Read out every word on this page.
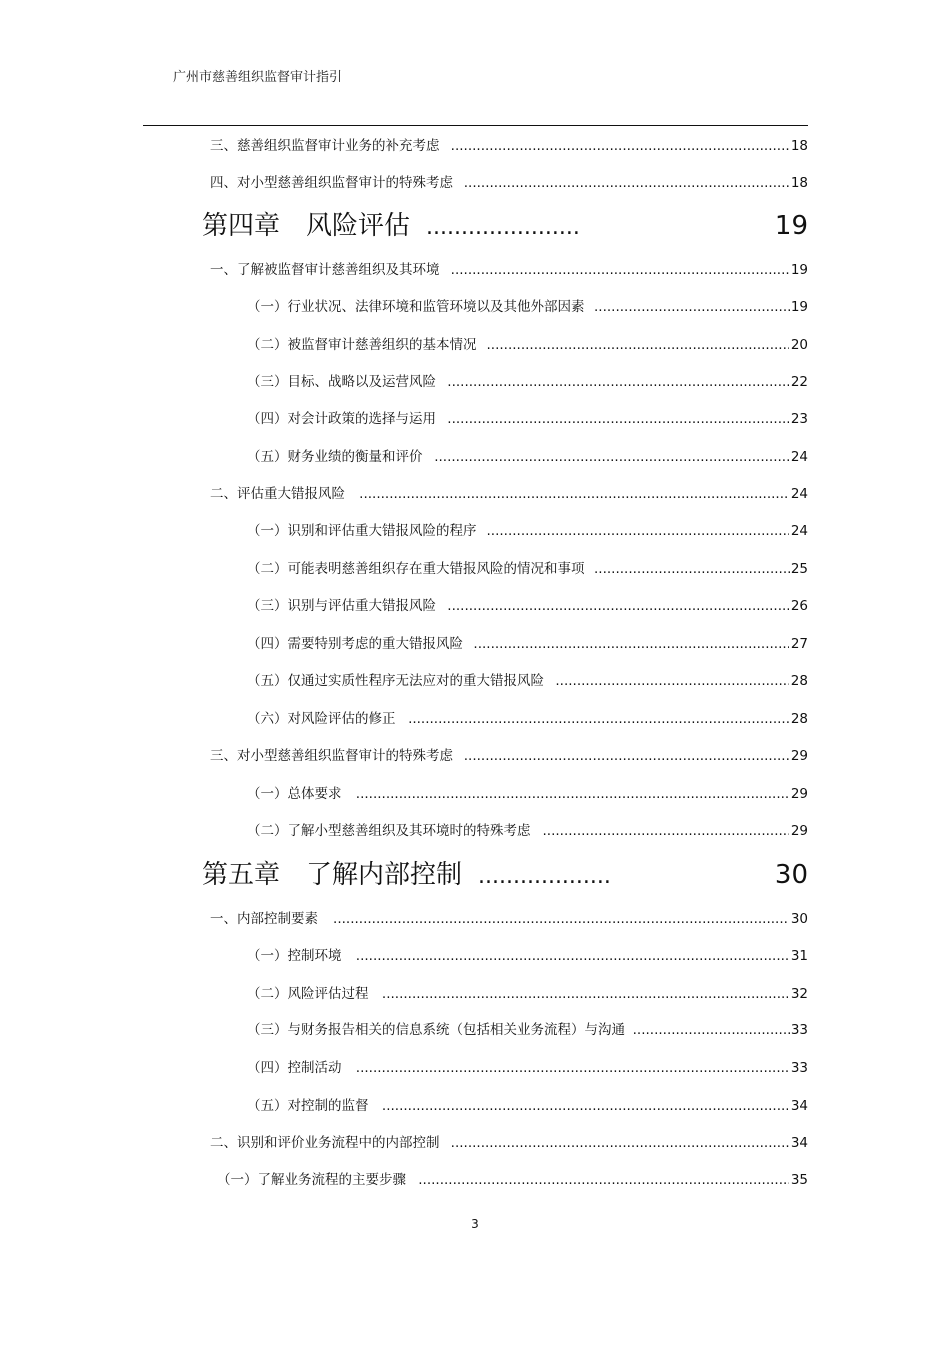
广州市慈善组织监督审计指引
三、慈善组织监督审计业务的补充考虑 .....	18
四、对小型慈善组织监督审计的特殊考虑 .....	18
第四章　风险评估 ......................	19
一、了解被监督审计慈善组织及其环境 .....	19
（一）行业状况、法律环境和监管环境以及其他外部因素 .....	19
（二）被监督审计慈善组织的基本情况 .....	20
（三）目标、战略以及运营风险 .....	22
（四）对会计政策的选择与运用 .....	23
（五）财务业绩的衡量和评价 .....	24
二、评估重大错报风险 .....	24
（一）识别和评估重大错报风险的程序 .....	24
（二）可能表明慈善组织存在重大错报风险的情况和事项 .....	25
（三）识别与评估重大错报风险 .....	26
（四）需要特别考虑的重大错报风险 .....	27
（五）仅通过实质性程序无法应对的重大错报风险 .....	28
（六）对风险评估的修正 .....	28
三、对小型慈善组织监督审计的特殊考虑 .....	29
（一）总体要求 .....	29
（二）了解小型慈善组织及其环境时的特殊考虑 .....	29
第五章　了解内部控制 ...................	30
一、内部控制要素 .....	30
（一）控制环境 .....	31
（二）风险评估过程 .....	32
（三）与财务报告相关的信息系统（包括相关业务流程）与沟通 .....	33
（四）控制活动 .....	33
（五）对控制的监督 .....	34
二、识别和评价业务流程中的内部控制 .....	34
（一）了解业务流程的主要步骤 .....	35
3
